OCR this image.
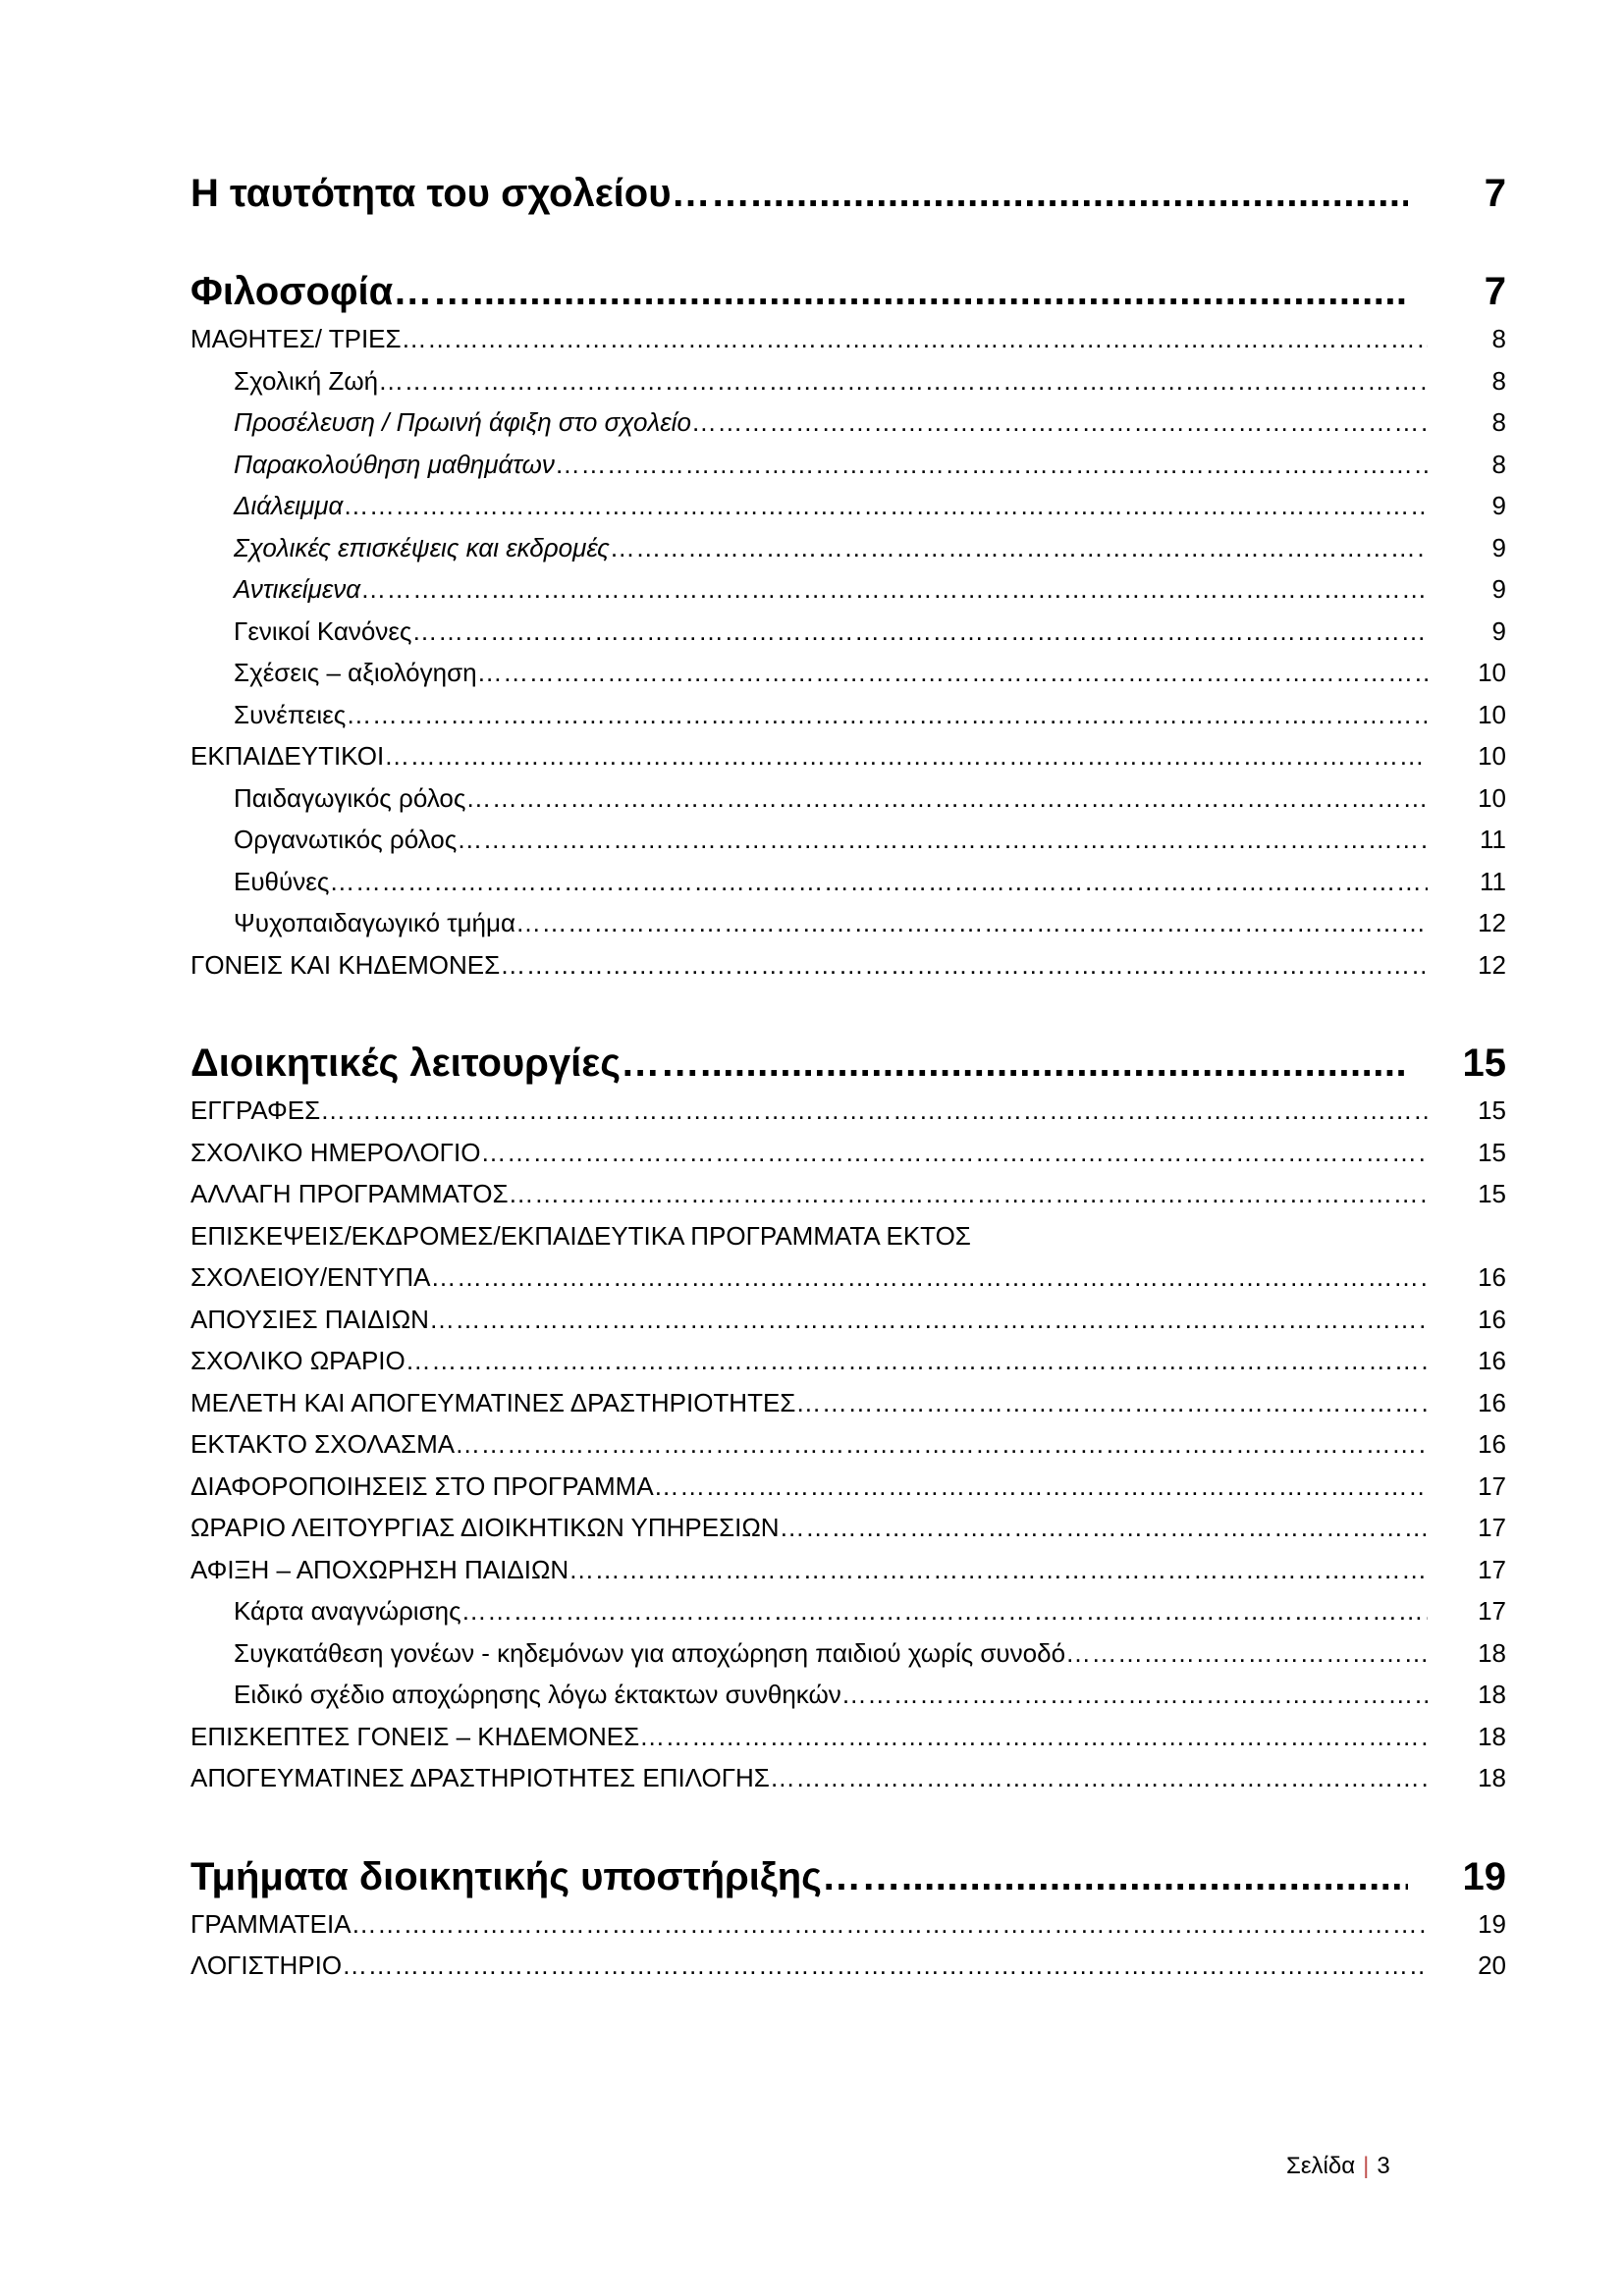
Η ταυτότητα του σχολείου ……......................................................................................................................................................................................................................................	7
Φιλοσοφία ……......................................................................................................................................................................................................................................	7
ΜΑΘΗΤΕΣ/ ΤΡΙΕΣ ……………………………………………………………………………………………………………………………………………………………………………………………………………………………………………………………………………………………………………	8
Σχολική Ζωή ……………………………………………………………………………………………………………………………………………………………………………………………………………………………………………………………………………………………………………	8
Προσέλευση / Πρωινή άφιξη στο σχολείο ……………………………………………………………………………………………………………………………………………………………………………………………………………………………………………………………………………………………………………	8
Παρακολούθηση μαθημάτων ……………………………………………………………………………………………………………………………………………………………………………………………………………………………………………………………………………………………………………	8
Διάλειμμα ……………………………………………………………………………………………………………………………………………………………………………………………………………………………………………………………………………………………………………	9
Σχολικές επισκέψεις και εκδρομές ……………………………………………………………………………………………………………………………………………………………………………………………………………………………………………………………………………………………………………	9
Αντικείμενα ……………………………………………………………………………………………………………………………………………………………………………………………………………………………………………………………………………………………………………	9
Γενικοί Κανόνες ……………………………………………………………………………………………………………………………………………………………………………………………………………………………………………………………………………………………………………	9
Σχέσεις – αξιολόγηση ……………………………………………………………………………………………………………………………………………………………………………………………………………………………………………………………………………………………………………	10
Συνέπειες ……………………………………………………………………………………………………………………………………………………………………………………………………………………………………………………………………………………………………………	10
ΕΚΠΑΙΔΕΥΤΙΚΟΙ ……………………………………………………………………………………………………………………………………………………………………………………………………………………………………………………………………………………………………………	10
Παιδαγωγικός ρόλος ……………………………………………………………………………………………………………………………………………………………………………………………………………………………………………………………………………………………………………	10
Οργανωτικός ρόλος ……………………………………………………………………………………………………………………………………………………………………………………………………………………………………………………………………………………………………………	11
Ευθύνες ……………………………………………………………………………………………………………………………………………………………………………………………………………………………………………………………………………………………………………	11
Ψυχοπαιδαγωγικό τμήμα ……………………………………………………………………………………………………………………………………………………………………………………………………………………………………………………………………………………………………………	12
ΓΟΝΕΙΣ ΚΑΙ ΚΗΔΕΜΟΝΕΣ ……………………………………………………………………………………………………………………………………………………………………………………………………………………………………………………………………………………………………………	12
Διοικητικές λειτουργίες ……......................................................................................................................................................................................................................................	15
ΕΓΓΡΑΦΕΣ ……………………………………………………………………………………………………………………………………………………………………………………………………………………………………………………………………………………………………………	15
ΣΧΟΛΙΚΟ ΗΜΕΡΟΛΟΓΙΟ ……………………………………………………………………………………………………………………………………………………………………………………………………………………………………………………………………………………………………………	15
ΑΛΛΑΓΗ ΠΡΟΓΡΑΜΜΑΤΟΣ ……………………………………………………………………………………………………………………………………………………………………………………………………………………………………………………………………………………………………………	15
ΕΠΙΣΚΕΨΕΙΣ/ΕΚΔΡΟΜΕΣ/ΕΚΠΑΙΔΕΥΤΙΚΑ ΠΡΟΓΡΑΜΜΑΤΑ ΕΚΤΟΣ
ΣΧΟΛΕΙΟΥ/ΕΝΤΥΠΑ ……………………………………………………………………………………………………………………………………………………………………………………………………………………………………………………………………………………………………………	16
ΑΠΟΥΣΙΕΣ ΠΑΙΔΙΩΝ ……………………………………………………………………………………………………………………………………………………………………………………………………………………………………………………………………………………………………………	16
ΣΧΟΛΙΚΟ ΩΡΑΡΙΟ ……………………………………………………………………………………………………………………………………………………………………………………………………………………………………………………………………………………………………………	16
ΜΕΛΕΤΗ ΚΑΙ ΑΠΟΓΕΥΜΑΤΙΝΕΣ ΔΡΑΣΤΗΡΙΟΤΗΤΕΣ ……………………………………………………………………………………………………………………………………………………………………………………………………………………………………………………………………………………………………………	16
ΕΚΤΑΚΤΟ ΣΧΟΛΑΣΜΑ ……………………………………………………………………………………………………………………………………………………………………………………………………………………………………………………………………………………………………………	16
ΔΙΑΦΟΡΟΠΟΙΗΣΕΙΣ ΣΤΟ ΠΡΟΓΡΑΜΜΑ ……………………………………………………………………………………………………………………………………………………………………………………………………………………………………………………………………………………………………………	17
ΩΡΑΡΙΟ ΛΕΙΤΟΥΡΓΙΑΣ ΔΙΟΙΚΗΤΙΚΩΝ ΥΠΗΡΕΣΙΩΝ ……………………………………………………………………………………………………………………………………………………………………………………………………………………………………………………………………………………………………………	17
ΑΦΙΞΗ – ΑΠΟΧΩΡΗΣΗ ΠΑΙΔΙΩΝ ……………………………………………………………………………………………………………………………………………………………………………………………………………………………………………………………………………………………………………	17
Κάρτα αναγνώρισης ……………………………………………………………………………………………………………………………………………………………………………………………………………………………………………………………………………………………………………	17
Συγκατάθεση γονέων - κηδεμόνων για αποχώρηση παιδιού χωρίς συνοδό ……………………………………………………………………………………………………………………………………………………………………………………………………………………………………………………………………………………………………………	18
Ειδικό σχέδιο αποχώρησης λόγω έκτακτων συνθηκών ……………………………………………………………………………………………………………………………………………………………………………………………………………………………………………………………………………………………………………	18
ΕΠΙΣΚΕΠΤΕΣ ΓΟΝΕΙΣ – ΚΗΔΕΜΟΝΕΣ ……………………………………………………………………………………………………………………………………………………………………………………………………………………………………………………………………………………………………………	18
ΑΠΟΓΕΥΜΑΤΙΝΕΣ ΔΡΑΣΤΗΡΙΟΤΗΤΕΣ ΕΠΙΛΟΓΗΣ ……………………………………………………………………………………………………………………………………………………………………………………………………………………………………………………………………………………………………………	18
Τμήματα διοικητικής υποστήριξης ……......................................................................................................................................................................................................................................	19
ΓΡΑΜΜΑΤΕΙΑ ……………………………………………………………………………………………………………………………………………………………………………………………………………………………………………………………………………………………………………	19
ΛΟΓΙΣΤΗΡΙΟ ……………………………………………………………………………………………………………………………………………………………………………………………………………………………………………………………………………………………………………	20
Σελίδα | 3
